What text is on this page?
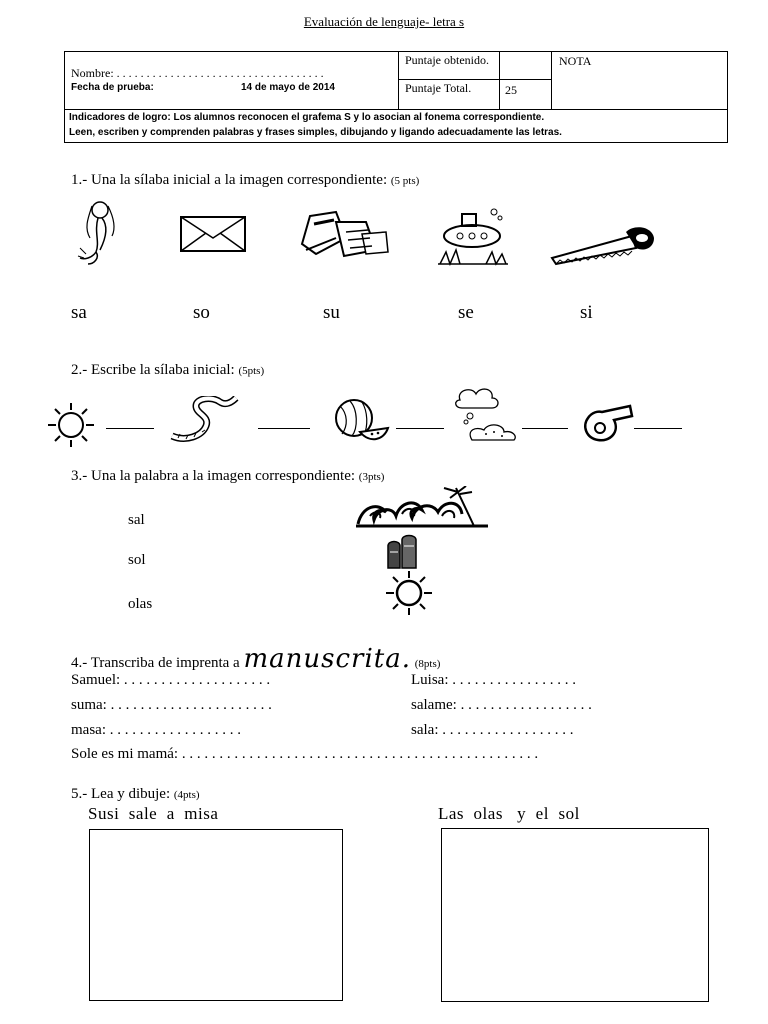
Evaluación de lenguaje- letra s
Nombre: . . . . . . . . . . . . . . . . . . . . . . . . . . . . . . . . . . .
Fecha de prueba:	14 de mayo de 2014
Puntaje obtenido.
Puntaje Total.	25
NOTA
Indicadores de logro: Los alumnos reconocen el grafema S y lo asocian al fonema correspondiente.
Leen, escriben y comprenden palabras y frases simples, dibujando y ligando adecuadamente las letras.
1.- Una la sílaba inicial a la imagen correspondiente: (5 pts)
sa	so	su	se	si
2.- Escribe la sílaba inicial: (5pts)
3.- Una la palabra a la imagen correspondiente: (3pts)
sal
sol
olas
4.- Transcriba de imprenta a manuscrita. (8pts)
Samuel: . . . . . . . . . . . . . . . . . . . .	Luisa: . . . . . . . . . . . . . . . . .
suma: . . . . . . . . . . . . . . . . . . . . . .	salame: . . . . . . . . . . . . . . . . . .
masa: . . . . . . . . . . . . . . . . . .	sala: . . . . . . . . . . . . . . . . . .
Sole es mi mamá: . . . . . . . . . . . . . . . . . . . . . . . . . . . . . . . . . . . . . . . . . . . . . . . .
5.- Lea y dibuje: (4pts)
Susi  sale  a  misa	Las  olas   y  el  sol
